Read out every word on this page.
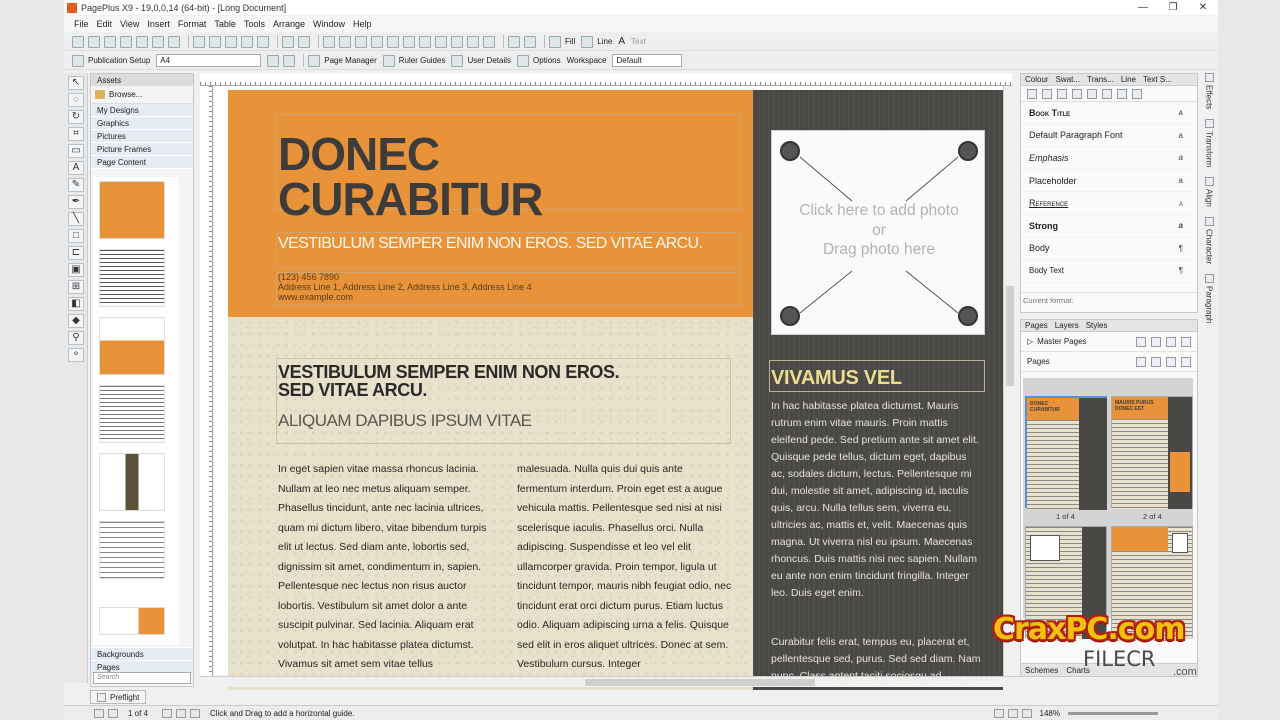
PagePlus X9 - 19,0,0,14 (64-bit) - [Long Document]	—	❐	✕
File Edit View Insert Format Table Tools Arrange Window Help
Fill	Line A Text
Publication Setup A4	Page Manager	Ruler Guides	User Details	Options Workspace Default
↖
◌
↻
⌗
▭
A
✎
✒
╲
□
⊏
▣
⊞
◧
◆
⚲
⚬
Assets
Browse...
My Designs
Graphics
Pictures
Picture Frames
Page Content
Backgrounds
Pages
Search
DONEC
CURABITUR
VESTIBULUM SEMPER ENIM NON EROS. SED VITAE ARCU.
(123) 456 7890
Address Line 1, Address Line 2, Address Line 3, Address Line 4
www.example.com
VESTIBULUM SEMPER ENIM NON EROS.
SED VITAE ARCU.
ALIQUAM DAPIBUS IPSUM VITAE
In eget sapien vitae massa rhoncus lacinia. Nullam at leo nec metus aliquam semper. Phasellus tincidunt, ante nec lacinia ultrices, quam mi dictum libero, vitae bibendum turpis elit ut lectus. Sed diam ante, lobortis sed, dignissim sit amet, condimentum in, sapien. Pellentesque nec lectus non risus auctor lobortis. Vestibulum sit amet dolor a ante suscipit pulvinar. Sed lacinia. Aliquam erat volutpat. In hac habitasse platea dictumst. Vivamus sit amet sem vitae tellus
malesuada. Nulla quis dui quis ante fermentum interdum. Proin eget est a augue vehicula mattis. Pellentesque sed nisi at nisi scelerisque iaculis. Phasellus orci. Nulla adipiscing. Suspendisse et leo vel elit ullamcorper gravida. Proin tempor, ligula ut tincidunt tempor, mauris nibh feugiat odio, nec tincidunt erat orci dictum purus. Etiam luctus odio. Aliquam adipiscing urna a felis. Quisque sed elit in eros aliquet ultrices. Donec at sem. Vestibulum cursus. Integer
Click here to add photo
or
Drag photo here
VIVAMUS VEL
In hac habitasse platea dictumst. Mauris rutrum enim vitae mauris. Proin mattis eleifend pede. Sed pretium ante sit amet elit. Quisque pede tellus, dictum eget, dapibus ac, sodales dictum, lectus. Pellentesque mi dui, molestie sit amet, adipiscing id, iaculis quis, arcu. Nulla tellus sem, viverra eu, ultricies ac, mattis et, velit. Maecenas quis magna. Ut viverra nisl eu ipsum. Maecenas rhoncus. Duis mattis nisi nec sapien. Nullam eu ante non enim tincidunt fringilla. Integer leo. Duis eget enim.
Curabitur felis erat, tempus eu, placerat et, pellentesque sed, purus. Sed sed diam. Nam
Colour Swat... Trans... Line Text S...
Book Title	a
Default Paragraph Font	a
Emphasis	a
Placeholder	a
Reference	a
Strong	a
Body	¶
Body Text	¶
Current format:
Pages Layers Styles
▷ Master Pages
Pages
DONEC CURABITUR
1 of 4
MAURIS PURUS DONEC EST
2 of 4
Schemes Charts
Effects
Transform
Align
Character
Paragraph
Preflight
1 of 4	Click and Drag to add a horizontal guide.	148%
CraxPC.com
FILECR
.com
